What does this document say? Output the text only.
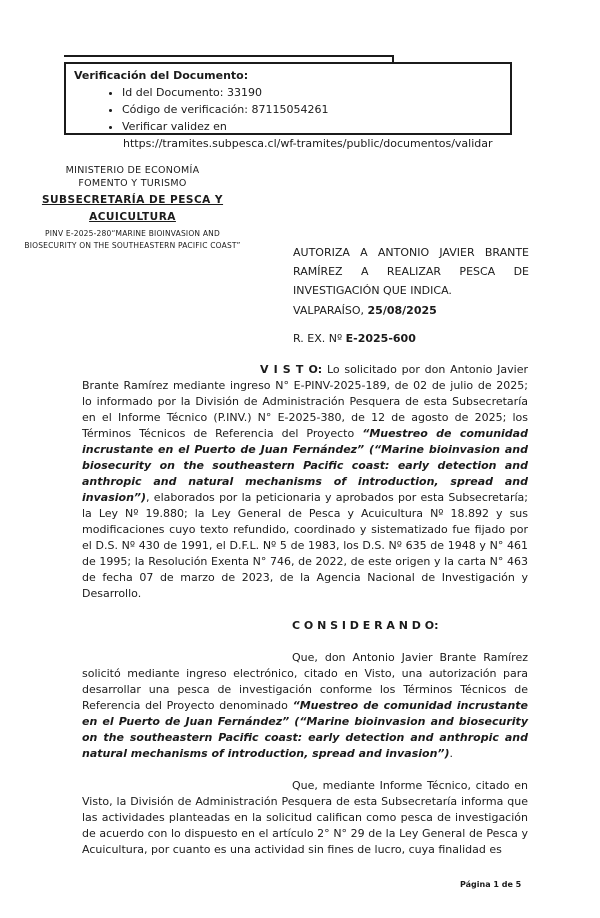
Verificación del Documento:
• Id del Documento: 33190
• Código de verificación: 87115054261
• Verificar validez en
https://tramites.subpesca.cl/wf-tramites/public/documentos/validar
MINISTERIO DE ECONOMÍA
FOMENTO Y TURISMO
SUBSECRETARÍA DE PESCA Y
ACUICULTURA
PINV E-2025-280“MARINE BIOINVASION AND
BIOSECURITY ON THE SOUTHEASTERN PACIFIC COAST”
AUTORIZA A ANTONIO JAVIER BRANTE RAMÍREZ A REALIZAR PESCA DE INVESTIGACIÓN QUE INDICA.
VALPARAÍSO, 25/08/2025
R. EX. Nº E-2025-600

V I S T O: Lo solicitado por don Antonio Javier Brante Ramírez mediante ingreso N° E-PINV-2025-189, de 02 de julio de 2025; lo informado por la División de Administración Pesquera de esta Subsecretaría en el Informe Técnico (P.INV.) N° E-2025-380, de 12 de agosto de 2025; los Términos Técnicos de Referencia del Proyecto “Muestreo de comunidad incrustante en el Puerto de Juan Fernández” (“Marine bioinvasion and biosecurity on the southeastern Pacific coast: early detection and anthropic and natural mechanisms of introduction, spread and invasion”), elaborados por la peticionaria y aprobados por esta Subsecretaría; la Ley Nº 19.880; la Ley General de Pesca y Acuicultura Nº 18.892 y sus modificaciones cuyo texto refundido, coordinado y sistematizado fue fijado por el D.S. Nº 430 de 1991, el D.F.L. Nº 5 de 1983, los D.S. Nº 635 de 1948 y N° 461 de 1995; la Resolución Exenta N° 746, de 2022, de este origen y la carta N° 463 de fecha 07 de marzo de 2023, de la Agencia Nacional de Investigación y Desarrollo.

C O N S I D E R A N D O:

Que, don Antonio Javier Brante Ramírez solicitó mediante ingreso electrónico, citado en Visto, una autorización para desarrollar una pesca de investigación conforme los Términos Técnicos de Referencia del Proyecto denominado “Muestreo de comunidad incrustante en el Puerto de Juan Fernández” (“Marine bioinvasion and biosecurity on the southeastern Pacific coast: early detection and anthropic and natural mechanisms of introduction, spread and invasion”).

Que, mediante Informe Técnico, citado en Visto, la División de Administración Pesquera de esta Subsecretaría informa que las actividades planteadas en la solicitud califican como pesca de investigación de acuerdo con lo dispuesto en el artículo 2° N° 29 de la Ley General de Pesca y Acuicultura, por cuanto es una actividad sin fines de lucro, cuya finalidad es

Página 1 de 5
